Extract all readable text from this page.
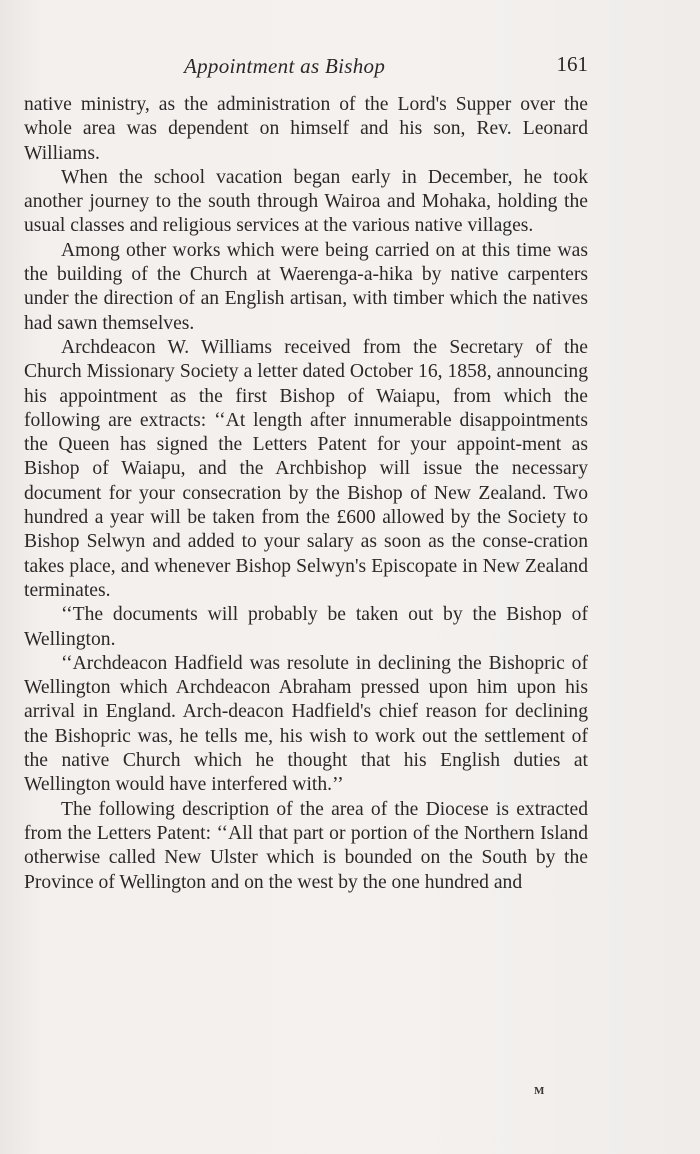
Appointment as Bishop	161

native ministry, as the administration of the Lord's Supper over the whole area was dependent on himself and his son, Rev. Leonard Williams.

When the school vacation began early in December, he took another journey to the south through Wairoa and Mohaka, holding the usual classes and religious services at the various native villages.

Among other works which were being carried on at this time was the building of the Church at Waerenga-a-hika by native carpenters under the direction of an English artisan, with timber which the natives had sawn themselves.

Archdeacon W. Williams received from the Secretary of the Church Missionary Society a letter dated October 16, 1858, announcing his appointment as the first Bishop of Waiapu, from which the following are extracts: ‘‘At length after innumerable disappointments the Queen has signed the Letters Patent for your appoint-ment as Bishop of Waiapu, and the Archbishop will issue the necessary document for your consecration by the Bishop of New Zealand. Two hundred a year will be taken from the £600 allowed by the Society to Bishop Selwyn and added to your salary as soon as the conse-cration takes place, and whenever Bishop Selwyn's Episcopate in New Zealand terminates.

‘‘The documents will probably be taken out by the Bishop of Wellington.

‘‘Archdeacon Hadfield was resolute in declining the Bishopric of Wellington which Archdeacon Abraham pressed upon him upon his arrival in England. Arch-deacon Hadfield's chief reason for declining the Bishopric was, he tells me, his wish to work out the settlement of the native Church which he thought that his English duties at Wellington would have interfered with.’’

The following description of the area of the Diocese is extracted from the Letters Patent: ‘‘All that part or portion of the Northern Island otherwise called New Ulster which is bounded on the South by the Province of Wellington and on the west by the one hundred and

M
